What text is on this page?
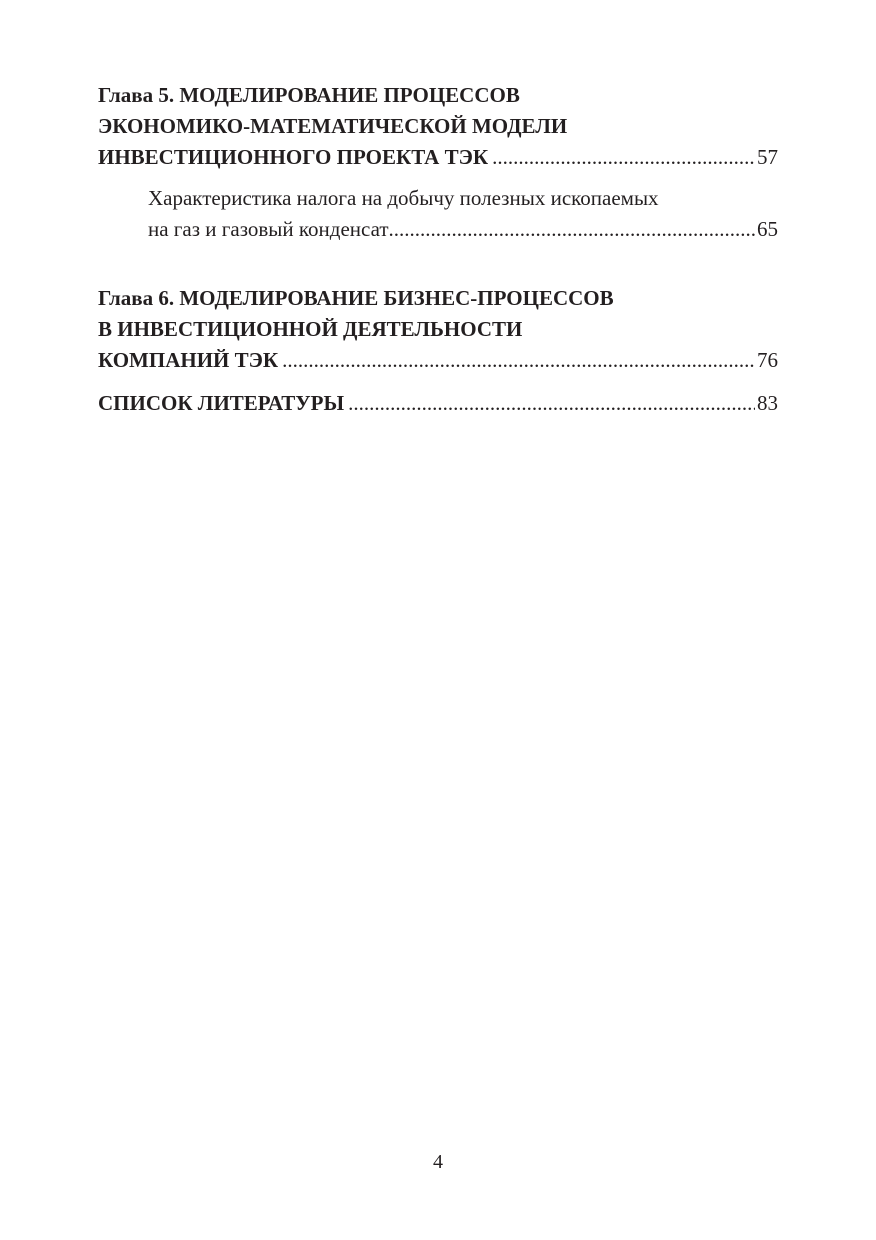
Глава 5. МОДЕЛИРОВАНИЕ ПРОЦЕССОВ
ЭКОНОМИКО-МАТЕМАТИЧЕСКОЙ МОДЕЛИ
ИНВЕСТИЦИОННОГО ПРОЕКТА ТЭК .....	57
Характеристика налога на добычу полезных ископаемых
на газ и газовый конденсат .....	65
Глава 6. МОДЕЛИРОВАНИЕ БИЗНЕС-ПРОЦЕССОВ
В ИНВЕСТИЦИОННОЙ ДЕЯТЕЛЬНОСТИ
КОМПАНИЙ ТЭК .....	76
СПИСОК ЛИТЕРАТУРЫ .....	83
4
